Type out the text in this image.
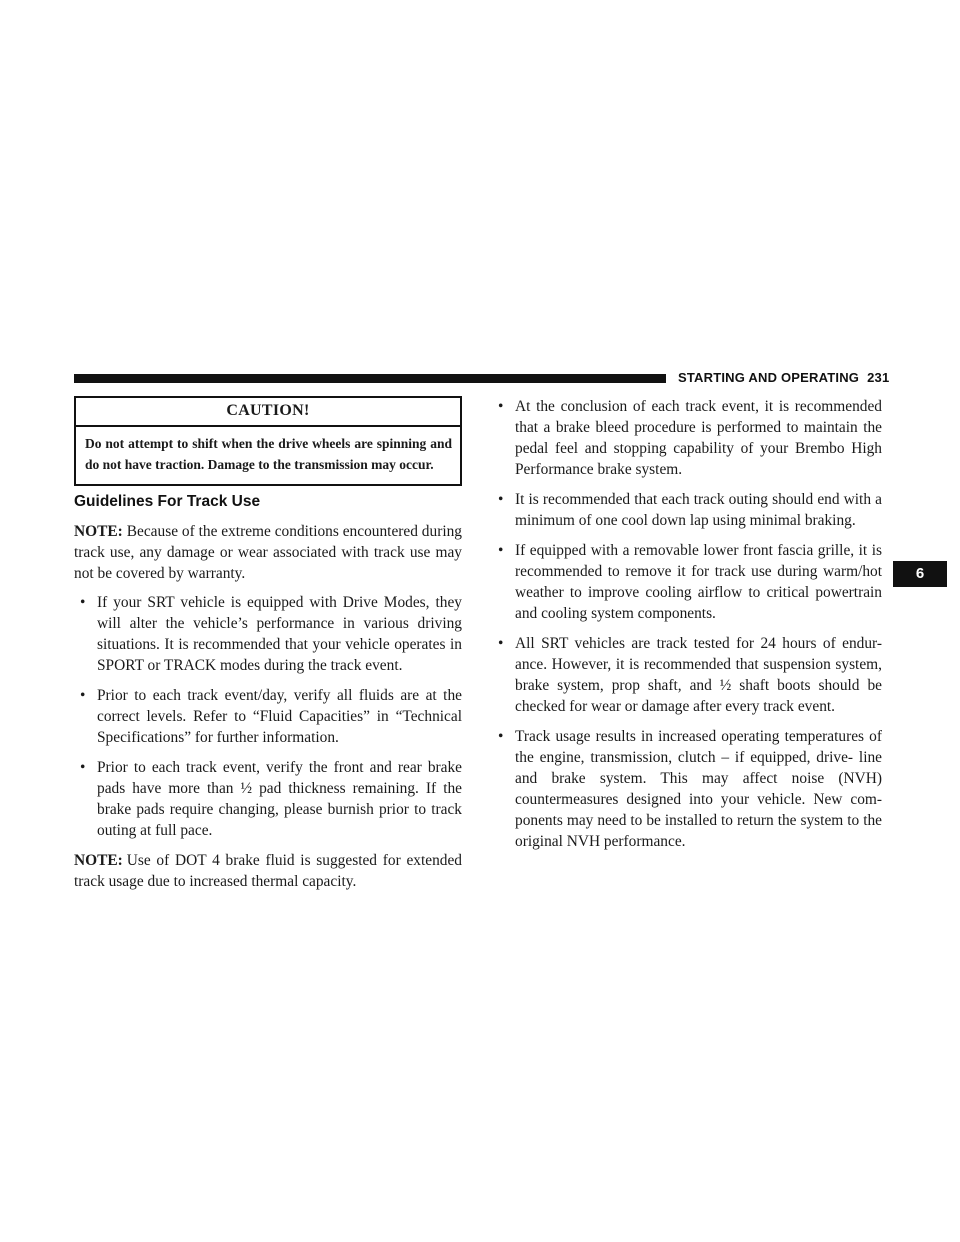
STARTING AND OPERATING 231
6
CAUTION!
Do not attempt to shift when the drive wheels are spinning and do not have traction. Damage to the transmission may occur.
Guidelines For Track Use

NOTE: Because of the extreme conditions encountered during track use, any damage or wear associated with track use may not be covered by warranty.

• If your SRT vehicle is equipped with Drive Modes, they will alter the vehicle’s performance in various driving situations. It is recommended that your vehicle operates in SPORT or TRACK modes during the track event.
• Prior to each track event/day, verify all fluids are at the correct levels. Refer to “Fluid Capacities” in “Technical Specifications” for further information.
• Prior to each track event, verify the front and rear brake pads have more than ½ pad thickness remaining. If the brake pads require changing, please burnish prior to track outing at full pace.

NOTE: Use of DOT 4 brake fluid is suggested for extended track usage due to increased thermal capacity.

• At the conclusion of each track event, it is recommended that a brake bleed procedure is performed to maintain the pedal feel and stopping capability of your Brembo High Performance brake system.
• It is recommended that each track outing should end with a minimum of one cool down lap using minimal braking.
• If equipped with a removable lower front fascia grille, it is recommended to remove it for track use during warm/hot weather to improve cooling airflow to critical powertrain and cooling system components.
• All SRT vehicles are track tested for 24 hours of endur- ance. However, it is recommended that suspension system, brake system, prop shaft, and ½ shaft boots should be checked for wear or damage after every track event.
• Track usage results in increased operating temperatures of the engine, transmission, clutch – if equipped, drive- line and brake system. This may affect noise (NVH) countermeasures designed into your vehicle. New com- ponents may need to be installed to return the system to the original NVH performance.
